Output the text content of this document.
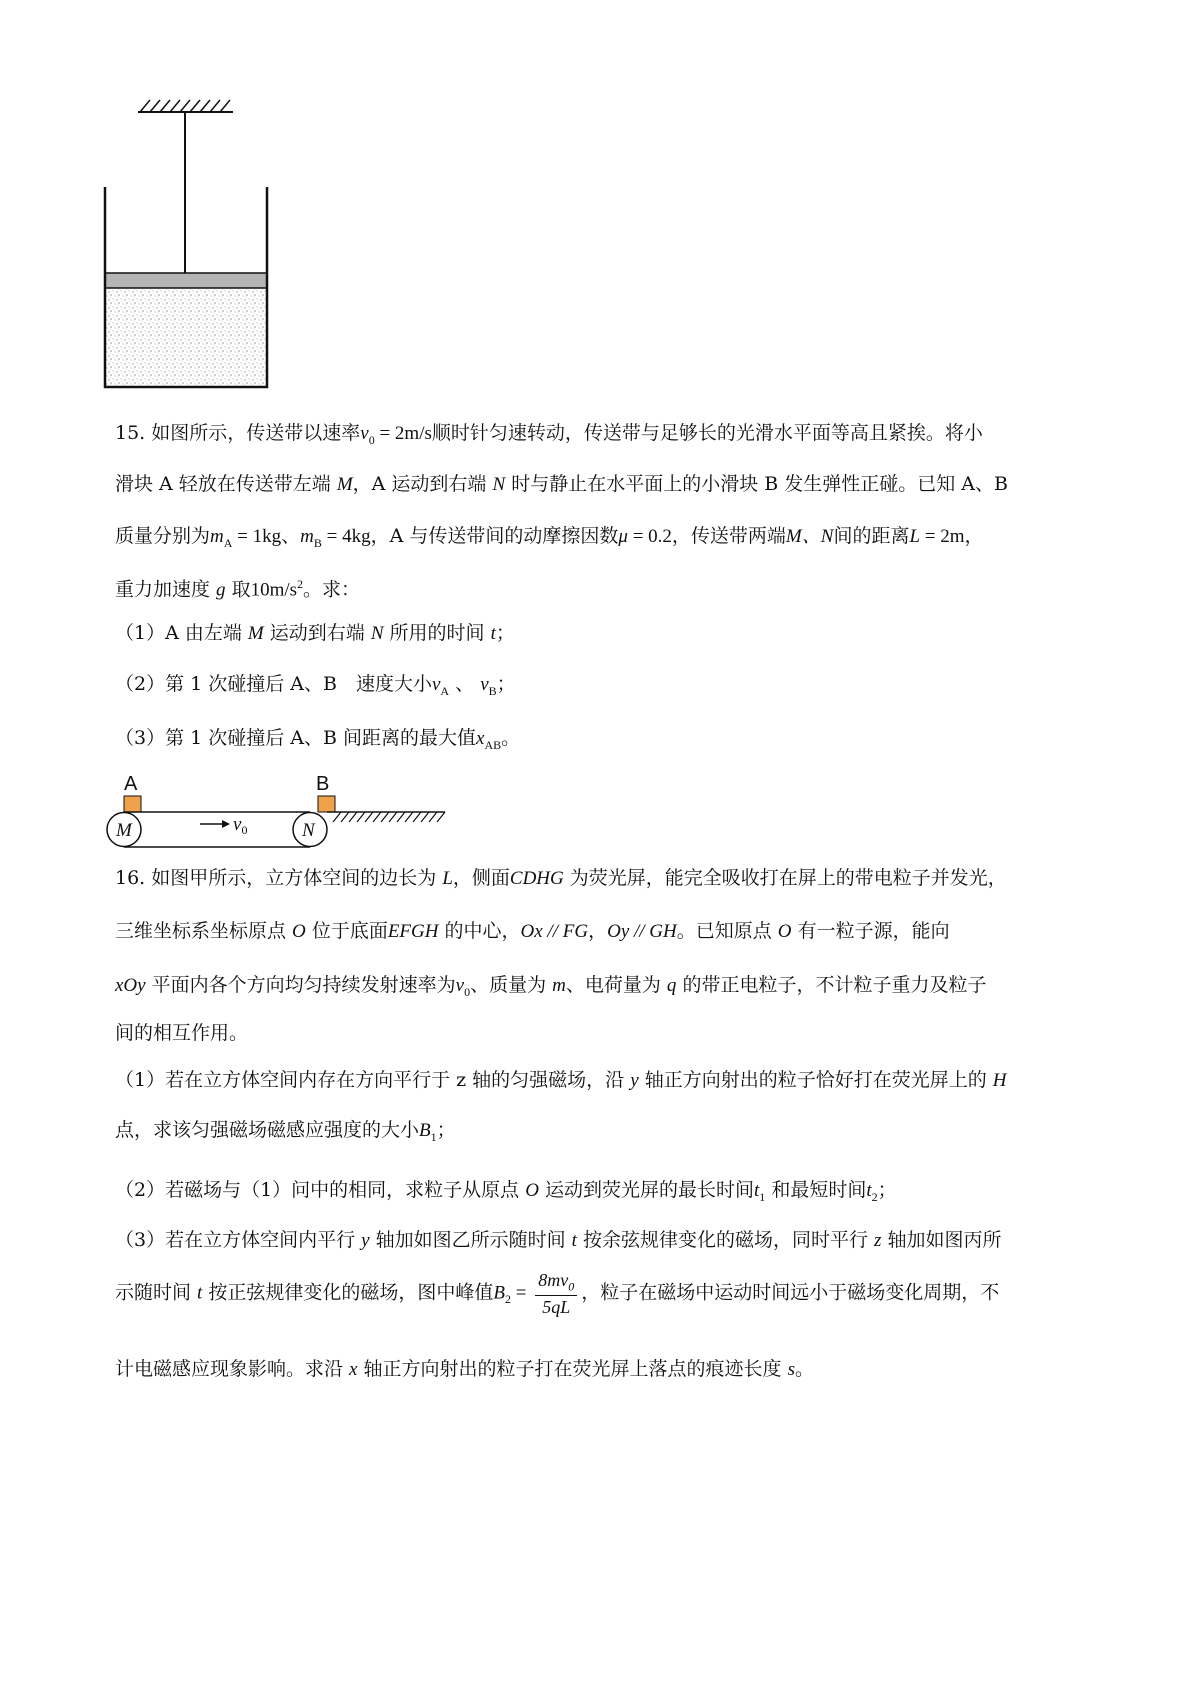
15. 如图所示，传送带以速率$v_0 = 2m/s$顺时针匀速转动，传送带与足够长的光滑水平面等高且紧挨。将小
滑块 A 轻放在传送带左端 M，A 运动到右端 N 时与静止在水平面上的小滑块 B 发生弹性正碰。已知 A、B
质量分别为$m_A = 1kg$、$m_B = 4kg$，A 与传送带间的动摩擦因数μ = 0.2，传送带两端M、N间的距离L = 2m，
重力加速度 g 取$10m/s^2$。求：
（1）A 由左端 M 运动到右端 N 所用的时间 t；
（2）第 1 次碰撞后 A、B　速度大小$v_A$ 、 $v_B$；
（3）第 1 次碰撞后 A、B 间距离的最大值$x_{AB}$。
A	B
M	N
$v_0$
16. 如图甲所示，立方体空间的边长为 L，侧面CDHG 为荧光屏，能完全吸收打在屏上的带电粒子并发光，
三维坐标系坐标原点 O 位于底面EFGH 的中心，Ox // FG，Oy // GH。已知原点 O 有一粒子源，能向
xOy 平面内各个方向均匀持续发射速率为$v_0$、质量为 m、电荷量为 q 的带正电粒子，不计粒子重力及粒子
间的相互作用。
（1）若在立方体空间内存在方向平行于 z 轴的匀强磁场，沿 y 轴正方向射出的粒子恰好打在荧光屏上的 H
点，求该匀强磁场磁感应强度的大小$B_1$；
（2）若磁场与（1）问中的相同，求粒子从原点 O 运动到荧光屏的最长时间$t_1$ 和最短时间$t_2$；
（3）若在立方体空间内平行 y 轴加如图乙所示随时间 t 按余弦规律变化的磁场，同时平行 z 轴加如图丙所
示随时间 t 按正弦规律变化的磁场，图中峰值$B_2 = \frac{8mv_0}{5qL}$ ，粒子在磁场中运动时间远小于磁场变化周期，不
计电磁感应现象影响。求沿 x 轴正方向射出的粒子打在荧光屏上落点的痕迹长度 s。
